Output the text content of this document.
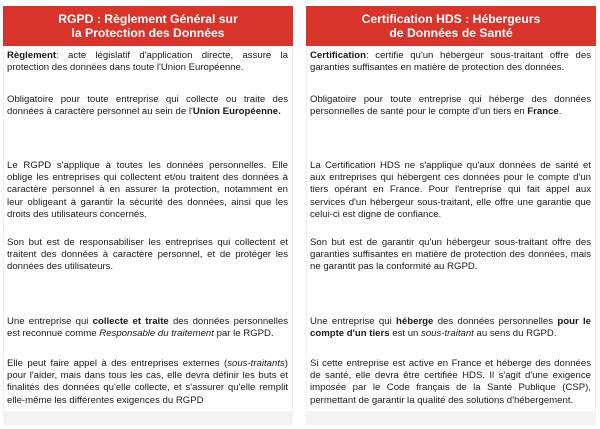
RGPD : Règlement Général sur
la Protection des Données

Règlement: acte législatif d'application directe, assure la protection des données dans toute l'Union Européenne.

Obligatoire pour toute entreprise qui collecte ou traite des données à caractère personnel au sein de l'Union Européenne.

Le RGPD s'applique à toutes les données personnelles. Elle oblige les entreprises qui collectent et/ou traitent des données à caractère personnel à en assurer la protection, notamment en leur obligeant à garantir la sécurité des données, ainsi que les droits des utilisateurs concernés.

Son but est de responsabiliser les entreprises qui collectent et traitent des données à caractère personnel, et de protéger les données des utilisateurs.

Une entreprise qui collecte et traite des données personnelles est reconnue comme Responsable du traitement par le RGPD.

Elle peut faire appel à des entreprises externes (sous-traitants) pour l'aider, mais dans tous les cas, elle devra définir les buts et finalités des données qu'elle collecte, et s'assurer qu'elle remplit elle-même les différentes exigences du RGPD

Certification HDS : Hébergeurs
de Données de Santé

Certification: certifie qu'un hébergeur sous-traitant offre des garanties suffisantes en matière de protection des données.

Obligatoire pour toute entreprise qui héberge des données personnelles de santé pour le compte d'un tiers en France.

La Certification HDS ne s'applique qu'aux données de santé et aux entreprises qui hébergent ces données pour le compte d'un tiers opérant en France. Pour l'entreprise qui fait appel aux services d'un hébergeur sous-traitant, elle offre une garantie que celui-ci est digne de confiance.

Son but est de garantir qu'un hébergeur sous-traitant offre des garanties suffisantes en matière de protection des données, mais ne garantit pas la conformité au RGPD.

Une entreprise qui héberge des données personnelles pour le compte d'un tiers est un sous-traitant au sens du RGPD.

Si cette entreprise est active en France et héberge des données de santé, elle devra être certifiée HDS. Il s'agit d'une exigence imposée par le Code français de la Santé Publique (CSP), permettant de garantir la qualité des solutions d'hébergement.
